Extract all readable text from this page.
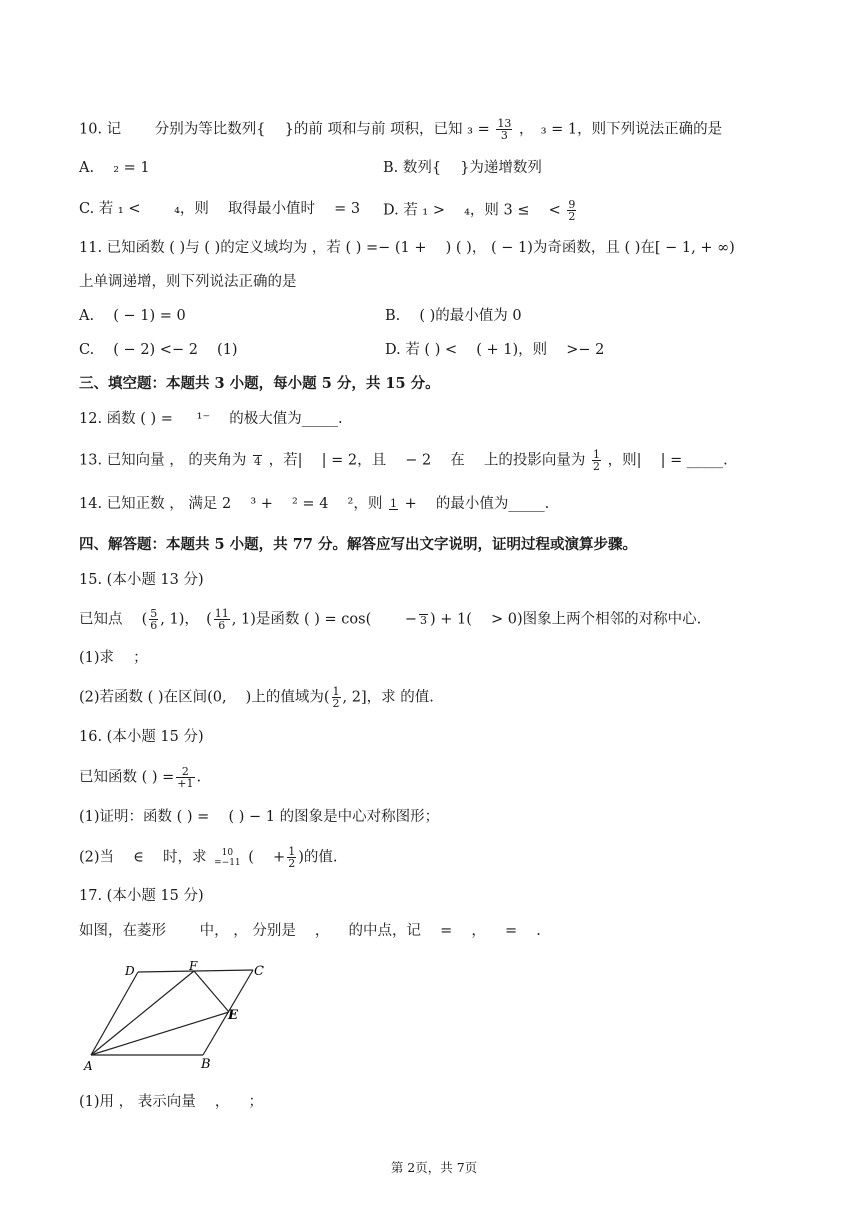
10. 记 　　分别为等比数列{ 　}的前 项和与前 项积，已知 $_3 = \frac{13}{3}$ ，　₃ = 1，则下列说法正确的是
A. 　₂ = 1	B. 数列{ 　}为递增数列
C. 若 ₁ < 　　₄，则 　取得最小值时 　= 3 D. 若 ₁ > 　₄，则 3 ≤ 　< $\frac{9}{2}$
11. 已知函数 ( )与 ( )的定义域均为 ，若 ( ) =− (1 + 　) ( )， ( − 1)为奇函数，且 ( )在[ − 1, + ∞)
上单调递增，则下列说法正确的是
A. 　( − 1) = 0	B. 　( )的最小值为 0
C. 　( − 2) <− 2 　(1)	D. 若 ( ) < 　( + 1)，则 　>− 2
三、填空题：本题共 3 小题，每小题 5 分，共 15 分。
12. 函数 ( ) = 　 ¹⁻ 　的极大值为_____.
13. 已知向量 ， 的夹角为 4 ，若| 　| = 2，且 　− 2 　在 　上的投影向量为 $\frac{1}{2}$ ，则| 　| = _____.
14. 已知正数 ， 满足 2 　³ + 　² = 4 　²，则 1 + 　的最小值为_____.
四、解答题：本题共 5 小题，共 77 分。解答应写出文字说明，证明过程或演算步骤。
15. (本小题 13 分)
已知点 　( $\frac{5}{6}$ , 1)，　( $\frac{11}{6}$ , 1)是函数 ( ) = cos( 　　− 3 ) + 1( 　> 0)图象上两个相邻的对称中心.
(1)求 　；
(2)若函数 ( )在区间(0, 　)上的值域为( $\frac{1}{2}$ , 2]，求 的值.
16. (本小题 15 分)
已知函数 ( ) = $\frac{2}{+1}$ .
(1)证明：函数 ( ) = 　( ) − 1 的图象是中心对称图形；
(2)当 　∈ 　时，求	10
=−11 ( 　+ $\frac{1}{2}$ )的值.
17. (本小题 15 分)
如图，在菱形 　　中， ， 分别是 　， 　的中点，记 　= 　， 　= 　.
A	B
C
D
E
F
(1)用 ， 表示向量 　， 　；
第 2页，共 7页
